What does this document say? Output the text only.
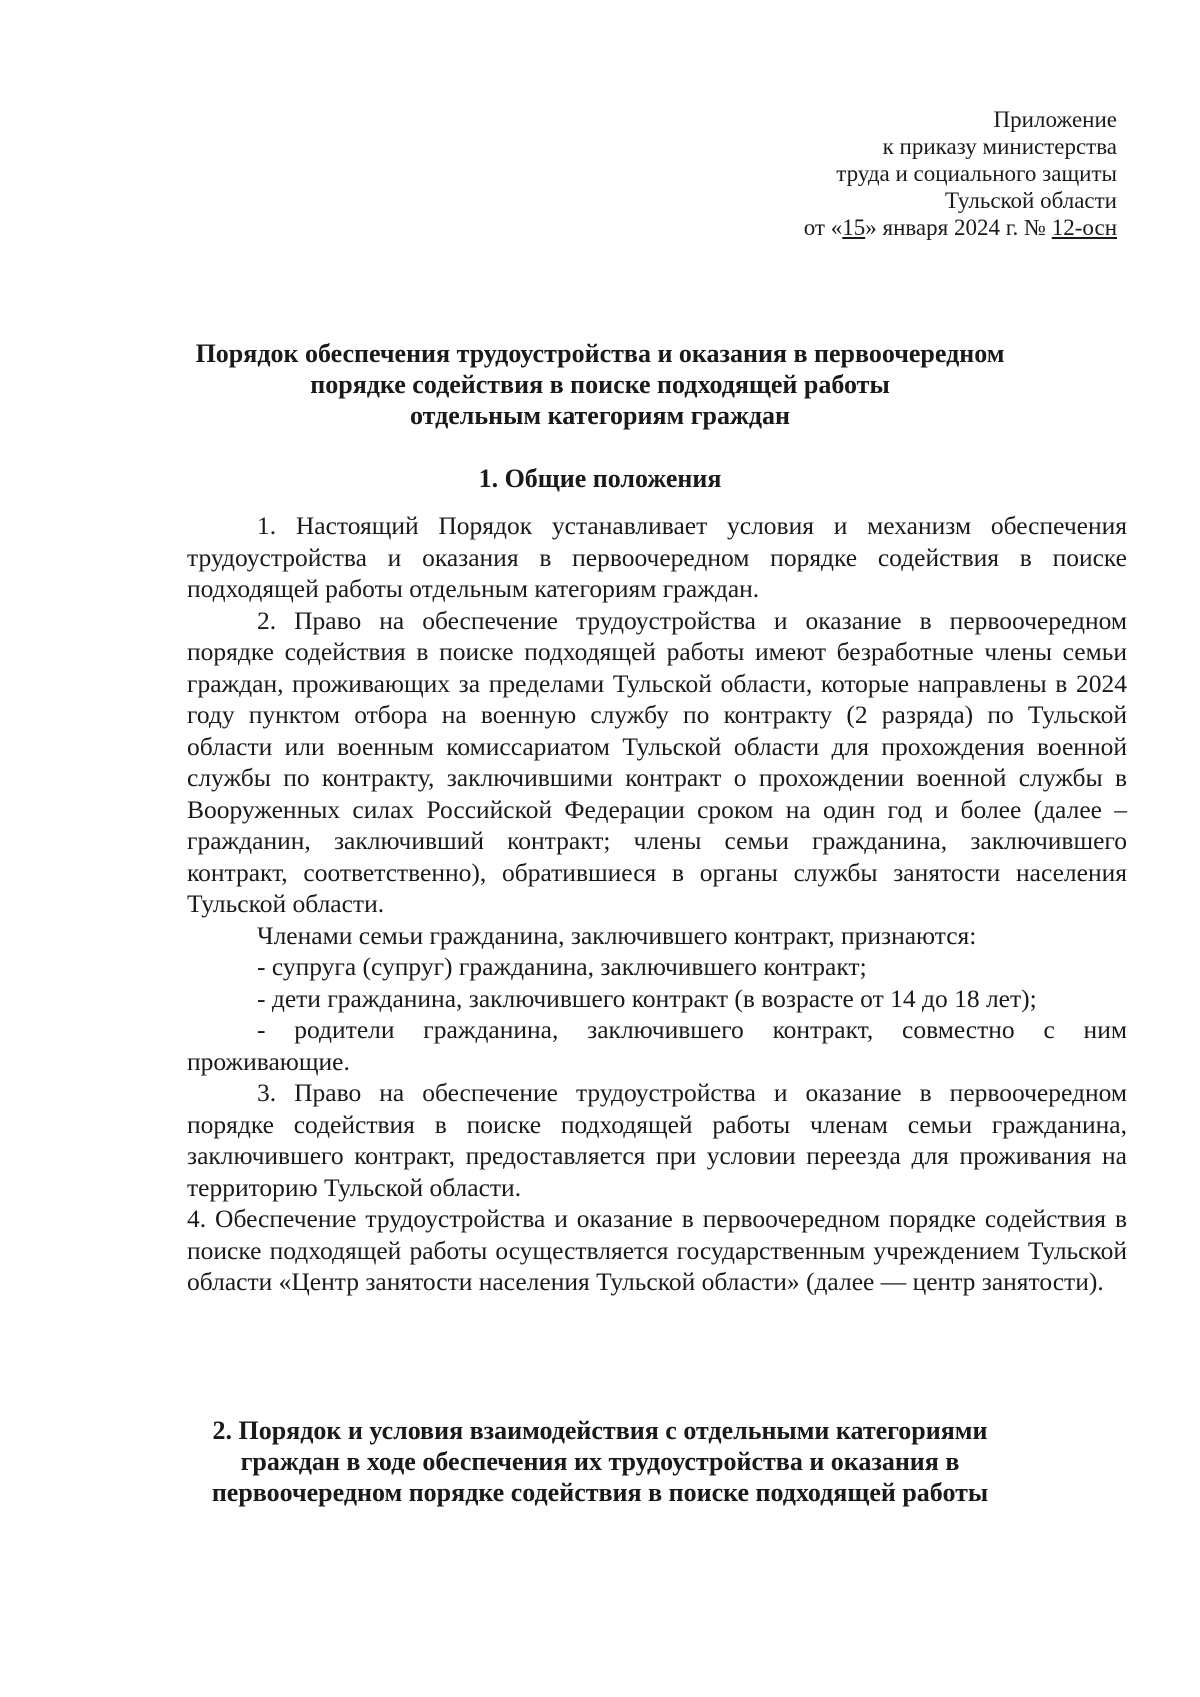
Приложение
к приказу министерства
труда и социального защиты
Тульской области
от «15» января 2024 г. № 12-осн
Порядок обеспечения трудоустройства и оказания в первоочередном
порядке содействия в поиске подходящей работы
отдельным категориям граждан
1. Общие положения

1. Настоящий Порядок устанавливает условия и механизм обеспечения трудоустройства и оказания в первоочередном порядке содействия в поиске подходящей работы отдельным категориям граждан.

2. Право на обеспечение трудоустройства и оказание в первоочередном порядке содействия в поиске подходящей работы имеют безработные члены семьи граждан, проживающих за пределами Тульской области, которые направлены в 2024 году пунктом отбора на военную службу по контракту (2 разряда) по Тульской области или военным комиссариатом Тульской области для прохождения военной службы по контракту, заключившими контракт о прохождении военной службы в Вооруженных силах Российской Федерации сроком на один год и более (далее – гражданин, заключивший контракт; члены семьи гражданина, заключившего контракт, соответственно), обратившиеся в органы службы занятости населения Тульской области.

Членами семьи гражданина, заключившего контракт, признаются:

- супруга (супруг) гражданина, заключившего контракт;

- дети гражданина, заключившего контракт (в возрасте от 14 до 18 лет);

- родители гражданина, заключившего контракт, совместно с ним проживающие.

3. Право на обеспечение трудоустройства и оказание в первоочередном порядке содействия в поиске подходящей работы членам семьи гражданина, заключившего контракт, предоставляется при условии переезда для проживания на территорию Тульской области.

4. Обеспечение трудоустройства и оказание в первоочередном порядке содействия в поиске подходящей работы осуществляется государственным учреждением Тульской области «Центр занятости населения Тульской области» (далее — центр занятости).

2. Порядок и условия взаимодействия с отдельными категориями
граждан в ходе обеспечения их трудоустройства и оказания в
первоочередном порядке содействия в поиске подходящей работы
